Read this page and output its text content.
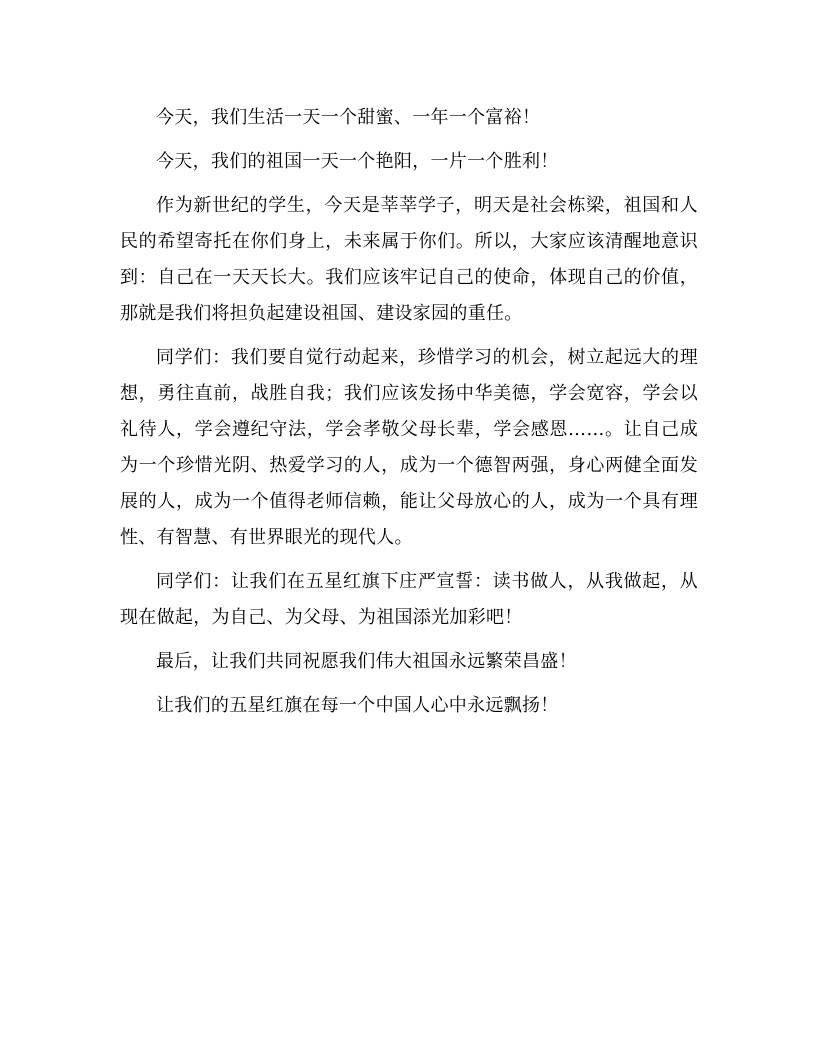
今天，我们生活一天一个甜蜜、一年一个富裕！

今天，我们的祖国一天一个艳阳，一片一个胜利！

作为新世纪的学生，今天是莘莘学子，明天是社会栋梁，祖国和人民的希望寄托在你们身上，未来属于你们。所以，大家应该清醒地意识到：自己在一天天长大。我们应该牢记自己的使命，体现自己的价值，那就是我们将担负起建设祖国、建设家园的重任。

同学们：我们要自觉行动起来，珍惜学习的机会，树立起远大的理想，勇往直前，战胜自我；我们应该发扬中华美德，学会宽容，学会以礼待人，学会遵纪守法，学会孝敬父母长辈，学会感恩……。让自己成为一个珍惜光阴、热爱学习的人，成为一个德智两强，身心两健全面发展的人，成为一个值得老师信赖，能让父母放心的人，成为一个具有理性、有智慧、有世界眼光的现代人。

同学们：让我们在五星红旗下庄严宣誓：读书做人，从我做起，从现在做起，为自己、为父母、为祖国添光加彩吧！

最后，让我们共同祝愿我们伟大祖国永远繁荣昌盛！

让我们的五星红旗在每一个中国人心中永远飘扬！
